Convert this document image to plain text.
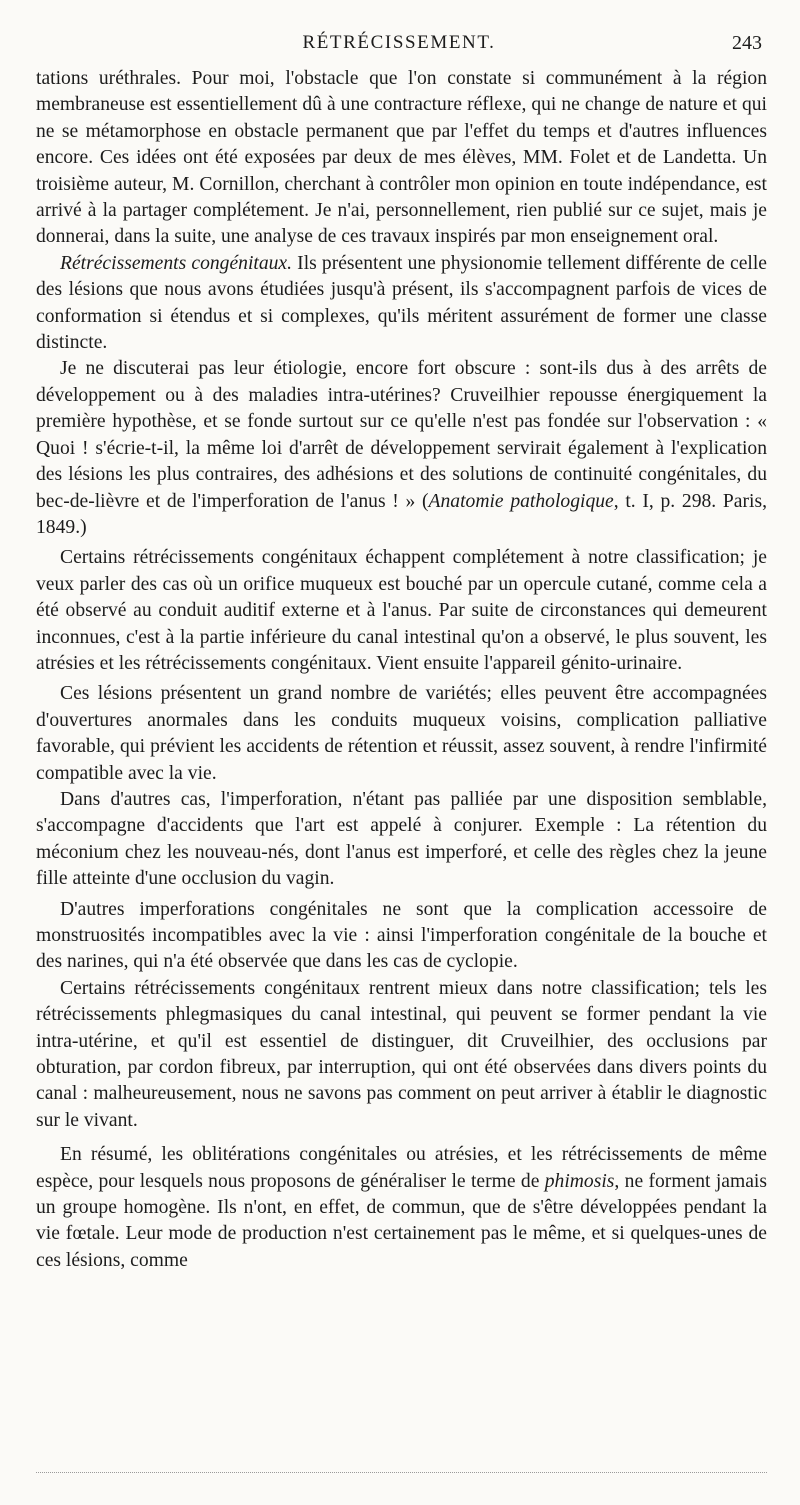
RÉTRÉCISSEMENT.	243

tations uréthrales. Pour moi, l'obstacle que l'on constate si communément à la région membraneuse est essentiellement dû à une contracture réflexe, qui ne change de nature et qui ne se métamorphose en obstacle permanent que par l'effet du temps et d'autres influences encore. Ces idées ont été exposées par deux de mes élèves, MM. Folet et de Landetta. Un troisième auteur, M. Cornillon, cherchant à contrôler mon opinion en toute indépendance, est arrivé à la partager complétement. Je n'ai, personnellement, rien publié sur ce sujet, mais je donnerai, dans la suite, une analyse de ces travaux inspirés par mon enseignement oral.

Rétrécissements congénitaux. Ils présentent une physionomie tellement différente de celle des lésions que nous avons étudiées jusqu'à présent, ils s'accompagnent parfois de vices de conformation si étendus et si complexes, qu'ils méritent assurément de former une classe distincte.

Je ne discuterai pas leur étiologie, encore fort obscure : sont-ils dus à des arrêts de développement ou à des maladies intra-utérines? Cruveilhier repousse énergiquement la première hypothèse, et se fonde surtout sur ce qu'elle n'est pas fondée sur l'observation : « Quoi ! s'écrie-t-il, la même loi d'arrêt de développement servirait également à l'explication des lésions les plus contraires, des adhésions et des solutions de continuité congénitales, du bec-de-lièvre et de l'imperforation de l'anus ! » (Anatomie pathologique, t. I, p. 298. Paris, 1849.)

Certains rétrécissements congénitaux échappent complétement à notre classification; je veux parler des cas où un orifice muqueux est bouché par un opercule cutané, comme cela a été observé au conduit auditif externe et à l'anus. Par suite de circonstances qui demeurent inconnues, c'est à la partie inférieure du canal intestinal qu'on a observé, le plus souvent, les atrésies et les rétrécissements congénitaux. Vient ensuite l'appareil génito-urinaire.

Ces lésions présentent un grand nombre de variétés; elles peuvent être accompagnées d'ouvertures anormales dans les conduits muqueux voisins, complication palliative favorable, qui prévient les accidents de rétention et réussit, assez souvent, à rendre l'infirmité compatible avec la vie.

Dans d'autres cas, l'imperforation, n'étant pas palliée par une disposition semblable, s'accompagne d'accidents que l'art est appelé à conjurer. Exemple : La rétention du méconium chez les nouveau-nés, dont l'anus est imperforé, et celle des règles chez la jeune fille atteinte d'une occlusion du vagin.

D'autres imperforations congénitales ne sont que la complication accessoire de monstruosités incompatibles avec la vie : ainsi l'imperforation congénitale de la bouche et des narines, qui n'a été observée que dans les cas de cyclopie.

Certains rétrécissements congénitaux rentrent mieux dans notre classification; tels les rétrécissements phlegmasiques du canal intestinal, qui peuvent se former pendant la vie intra-utérine, et qu'il est essentiel de distinguer, dit Cruveilhier, des occlusions par obturation, par cordon fibreux, par interruption, qui ont été observées dans divers points du canal : malheureusement, nous ne savons pas comment on peut arriver à établir le diagnostic sur le vivant.

En résumé, les oblitérations congénitales ou atrésies, et les rétrécissements de même espèce, pour lesquels nous proposons de généraliser le terme de phimosis, ne forment jamais un groupe homogène. Ils n'ont, en effet, de commun, que de s'être développées pendant la vie fœtale. Leur mode de production n'est certainement pas le même, et si quelques-unes de ces lésions, comme
